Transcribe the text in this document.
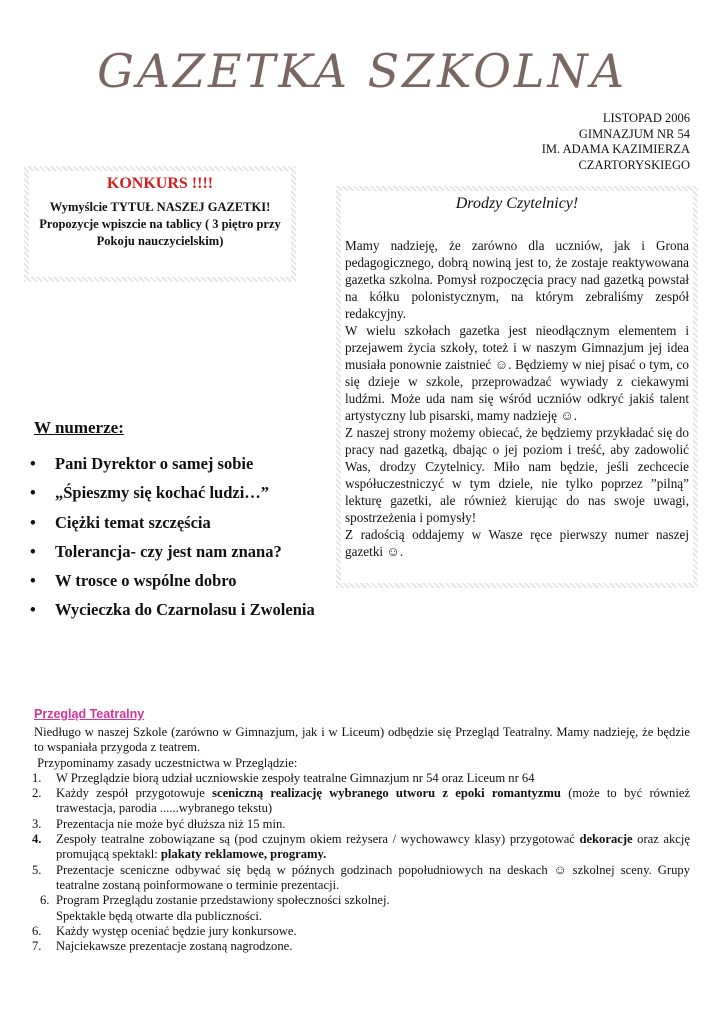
GAZETKA SZKOLNA
LISTOPAD 2006
GIMNAZJUM NR 54
IM. ADAMA KAZIMIERZA
CZARTORYSKIEGO
KONKURS !!!!

Wymyślcie TYTUŁ NASZEJ GAZETKI! Propozycje wpiszcie na tablicy ( 3 piętro przy Pokoju nauczycielskim)

Drodzy Czytelnicy!

Mamy nadzieję, że zarówno dla uczniów, jak i Grona pedagogicznego, dobrą nowiną jest to, że zostaje reaktywowana gazetka szkolna. Pomysł rozpoczęcia pracy nad gazetką powstał na kółku polonistycznym, na którym zebraliśmy zespół redakcyjny.

W wielu szkołach gazetka jest nieodłącznym elementem i przejawem życia szkoły, toteż i w naszym Gimnazjum jej idea musiała ponownie zaistnieć ☺. Będziemy w niej pisać o tym, co się dzieje w szkole, przeprowadzać wywiady z ciekawymi ludźmi. Może uda nam się wśród uczniów odkryć jakiś talent artystyczny lub pisarski, mamy nadzieję ☺.

Z naszej strony możemy obiecać, że będziemy przykładać się do pracy nad gazetką, dbając o jej poziom i treść, aby zadowolić Was, drodzy Czytelnicy. Miło nam będzie, jeśli zechcecie współuczestniczyć w tym dziele, nie tylko poprzez ”pilną” lekturę gazetki, ale również kierując do nas swoje uwagi, spostrzeżenia i pomysły!

Z radością oddajemy w Wasze ręce pierwszy numer naszej gazetki ☺.

W numerze:
• Pani Dyrektor o samej sobie
• „Śpieszmy się kochać ludzi…”
• Ciężki temat szczęścia
• Tolerancja- czy jest nam znana?
• W trosce o wspólne dobro
• Wycieczka do Czarnolasu i Zwolenia
Przegląd Teatralny

Niedługo w naszej Szkole (zarówno w Gimnazjum, jak i w Liceum) odbędzie się Przegląd Teatralny. Mamy nadzieję, że będzie to wspaniała przygoda z teatrem.

Przypominamy zasady uczestnictwa w Przeglądzie:

1. W Przeglądzie biorą udział uczniowskie zespoły teatralne Gimnazjum nr 54 oraz Liceum nr 64
2. Każdy zespół przygotowuje sceniczną realizację wybranego utworu z epoki romantyzmu (może to być również trawestacja, parodia ......wybranego tekstu)
3. Prezentacja nie może być dłuższa niż 15 min.
4. Zespoły teatralne zobowiązane są (pod czujnym okiem reżysera / wychowawcy klasy) przygotować dekoracje oraz akcję promującą spektakl: plakaty reklamowe, programy.
5. Prezentacje sceniczne odbywać się będą w późnych godzinach popołudniowych na deskach ☺ szkolnej sceny. Grupy teatralne zostaną poinformowane o terminie prezentacji.
6. Program Przeglądu zostanie przedstawiony społeczności szkolnej.
Spektakle będą otwarte dla publiczności.
6. Każdy występ oceniać będzie jury konkursowe.
7. Najciekawsze prezentacje zostaną nagrodzone.
